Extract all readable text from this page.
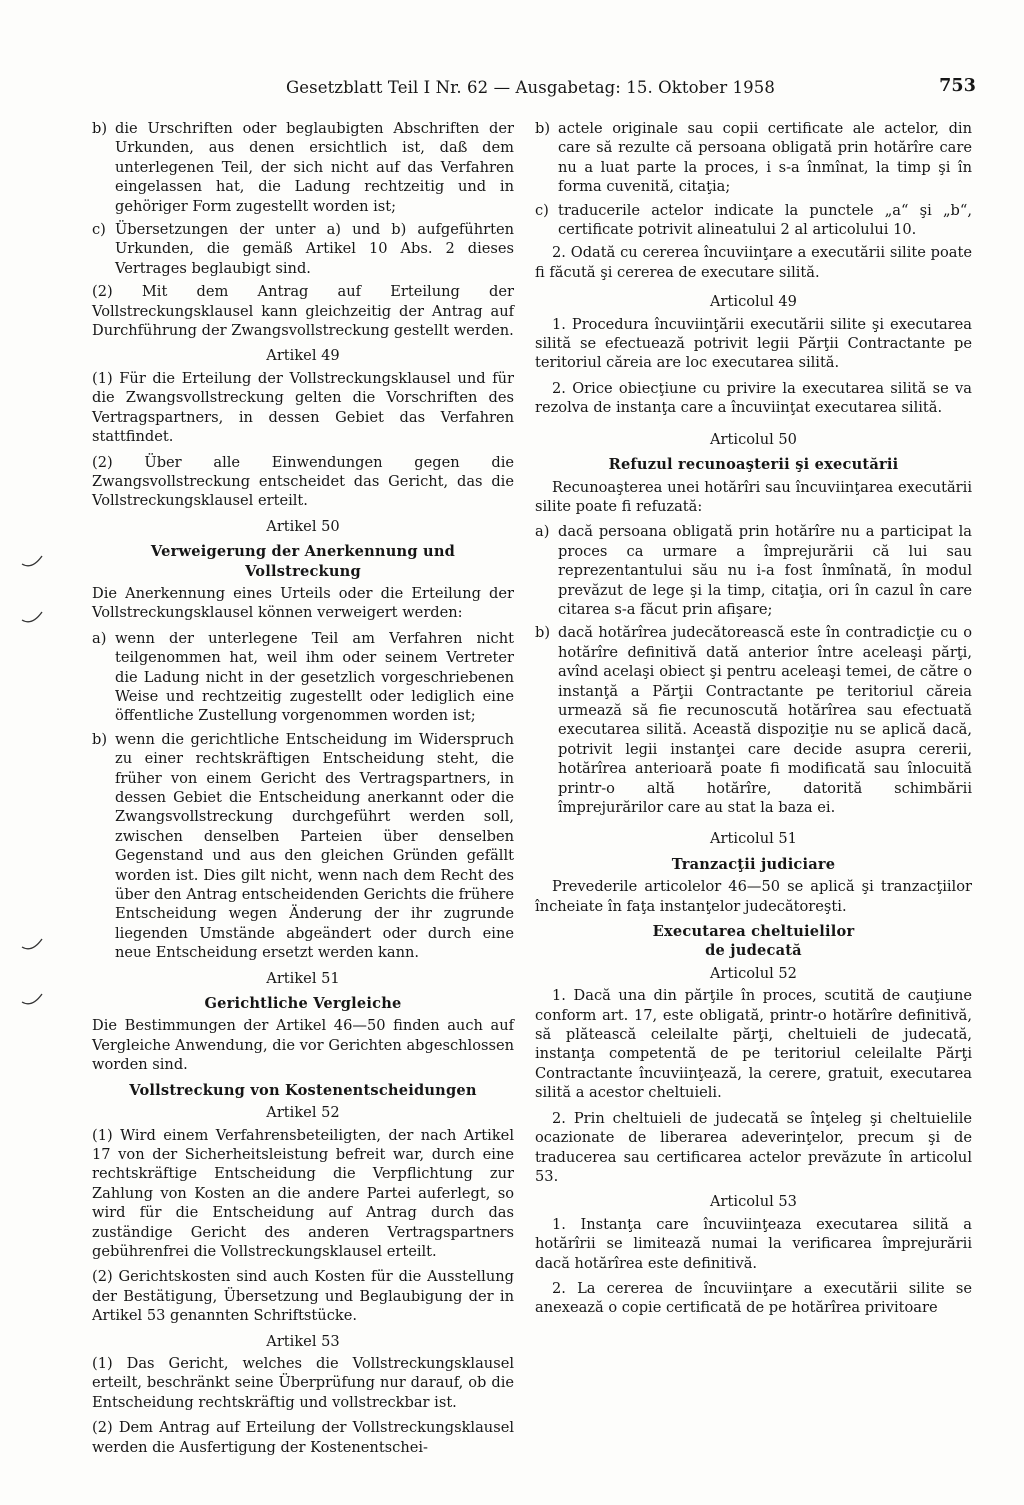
Gesetzblatt Teil I Nr. 62 — Ausgabetag: 15. Oktober 1958	753
b) die Urschriften oder beglaubigten Abschriften der Urkunden, aus denen ersichtlich ist, daß dem unterlegenen Teil, der sich nicht auf das Verfahren eingelassen hat, die Ladung rechtzeitig und in gehöriger Form zugestellt worden ist;
c) Übersetzungen der unter a) und b) aufgeführten Urkunden, die gemäß Artikel 10 Abs. 2 dieses Vertrages beglaubigt sind.

(2) Mit dem Antrag auf Erteilung der Vollstreckungsklausel kann gleichzeitig der Antrag auf Durchführung der Zwangsvollstreckung gestellt werden.

Artikel 49

(1) Für die Erteilung der Vollstreckungsklausel und für die Zwangsvollstreckung gelten die Vorschriften des Vertragspartners, in dessen Gebiet das Verfahren stattfindet.

(2) Über alle Einwendungen gegen die Zwangsvollstreckung entscheidet das Gericht, das die Vollstreckungsklausel erteilt.

Artikel 50
Verweigerung der Anerkennung und Vollstreckung

Die Anerkennung eines Urteils oder die Erteilung der Vollstreckungsklausel können verweigert werden:

a) wenn der unterlegene Teil am Verfahren nicht teilgenommen hat, weil ihm oder seinem Vertreter die Ladung nicht in der gesetzlich vorgeschriebenen Weise und rechtzeitig zugestellt oder lediglich eine öffentliche Zustellung vorgenommen worden ist;
b) wenn die gerichtliche Entscheidung im Widerspruch zu einer rechtskräftigen Entscheidung steht, die früher von einem Gericht des Vertragspartners, in dessen Gebiet die Entscheidung anerkannt oder die Zwangsvollstreckung durchgeführt werden soll, zwischen denselben Parteien über denselben Gegenstand und aus den gleichen Gründen gefällt worden ist. Dies gilt nicht, wenn nach dem Recht des über den Antrag entscheidenden Gerichts die frühere Entscheidung wegen Änderung der ihr zugrunde liegenden Umstände abgeändert oder durch eine neue Entscheidung ersetzt werden kann.
Artikel 51
Gerichtliche Vergleiche

Die Bestimmungen der Artikel 46—50 finden auch auf Vergleiche Anwendung, die vor Gerichten abgeschlossen worden sind.

Vollstreckung von Kostenentscheidungen
Artikel 52

(1) Wird einem Verfahrensbeteiligten, der nach Artikel 17 von der Sicherheitsleistung befreit war, durch eine rechtskräftige Entscheidung die Verpflichtung zur Zahlung von Kosten an die andere Partei auferlegt, so wird für die Entscheidung auf Antrag durch das zuständige Gericht des anderen Vertragspartners gebührenfrei die Vollstreckungsklausel erteilt.

(2) Gerichtskosten sind auch Kosten für die Ausstellung der Bestätigung, Übersetzung und Beglaubigung der in Artikel 53 genannten Schriftstücke.

Artikel 53

(1) Das Gericht, welches die Vollstreckungsklausel erteilt, beschränkt seine Überprüfung nur darauf, ob die Entscheidung rechtskräftig und vollstreckbar ist.

(2) Dem Antrag auf Erteilung der Vollstreckungsklausel werden die Ausfertigung der Kostenentschei-

b) actele originale sau copii certificate ale actelor, din care să rezulte că persoana obligată prin hotărîre care nu a luat parte la proces, i s-a înmînat, la timp şi în forma cuvenită, citaţia;
c) traducerile actelor indicate la punctele „a“ şi „b“, certificate potrivit alineatului 2 al articolului 10.

2. Odată cu cererea încuviinţare a executării silite poate fi făcută şi cererea de executare silită.

Articolul 49

1. Procedura încuviinţării executării silite şi executarea silită se efectuează potrivit legii Părţii Contractante pe teritoriul căreia are loc executarea silită.

2. Orice obiecţiune cu privire la executarea silită se va rezolva de instanţa care a încuviinţat executarea silită.

Articolul 50
Refuzul recunoaşterii şi executării

Recunoaşterea unei hotărîri sau încuviinţarea executării silite poate fi refuzată:

a) dacă persoana obligată prin hotărîre nu a participat la proces ca urmare a împrejurării că lui sau reprezentantului său nu i-a fost înmînată, în modul prevăzut de lege şi la timp, citaţia, ori în cazul în care citarea s-a făcut prin afişare;
b) dacă hotărîrea judecătorească este în contradicţie cu o hotărîre definitivă dată anterior între aceleaşi părţi, avînd acelaşi obiect şi pentru aceleaşi temei, de către o instanţă a Părţii Contractante pe teritoriul căreia urmează să fie recunoscută hotărîrea sau efectuată executarea silită. Această dispoziţie nu se aplică dacă, potrivit legii instanţei care decide asupra cererii, hotărîrea anterioară poate fi modificată sau înlocuită printr-o altă hotărîre, datorită schimbării împrejurărilor care au stat la baza ei.
Articolul 51
Tranzacţii judiciare

Prevederile articolelor 46—50 se aplică şi tranzacţiilor încheiate în faţa instanţelor judecătoreşti.

Executarea cheltuielilor
de judecată
Articolul 52

1. Dacă una din părţile în proces, scutită de cauţiune conform art. 17, este obligată, printr-o hotărîre definitivă, să plătească celeilalte părţi, cheltuieli de judecată, instanţa competentă de pe teritoriul celeilalte Părţi Contractante încuviinţează, la cerere, gratuit, executarea silită a acestor cheltuieli.

2. Prin cheltuieli de judecată se înţeleg şi cheltuielile ocazionate de liberarea adeverinţelor, precum şi de traducerea sau certificarea actelor prevăzute în articolul 53.

Articolul 53

1. Instanţa care încuviinţeaza executarea silită a hotărîrii se limitează numai la verificarea împrejurării dacă hotărîrea este definitivă.

2. La cererea de încuviinţare a executării silite se anexează o copie certificată de pe hotărîrea privitoare
